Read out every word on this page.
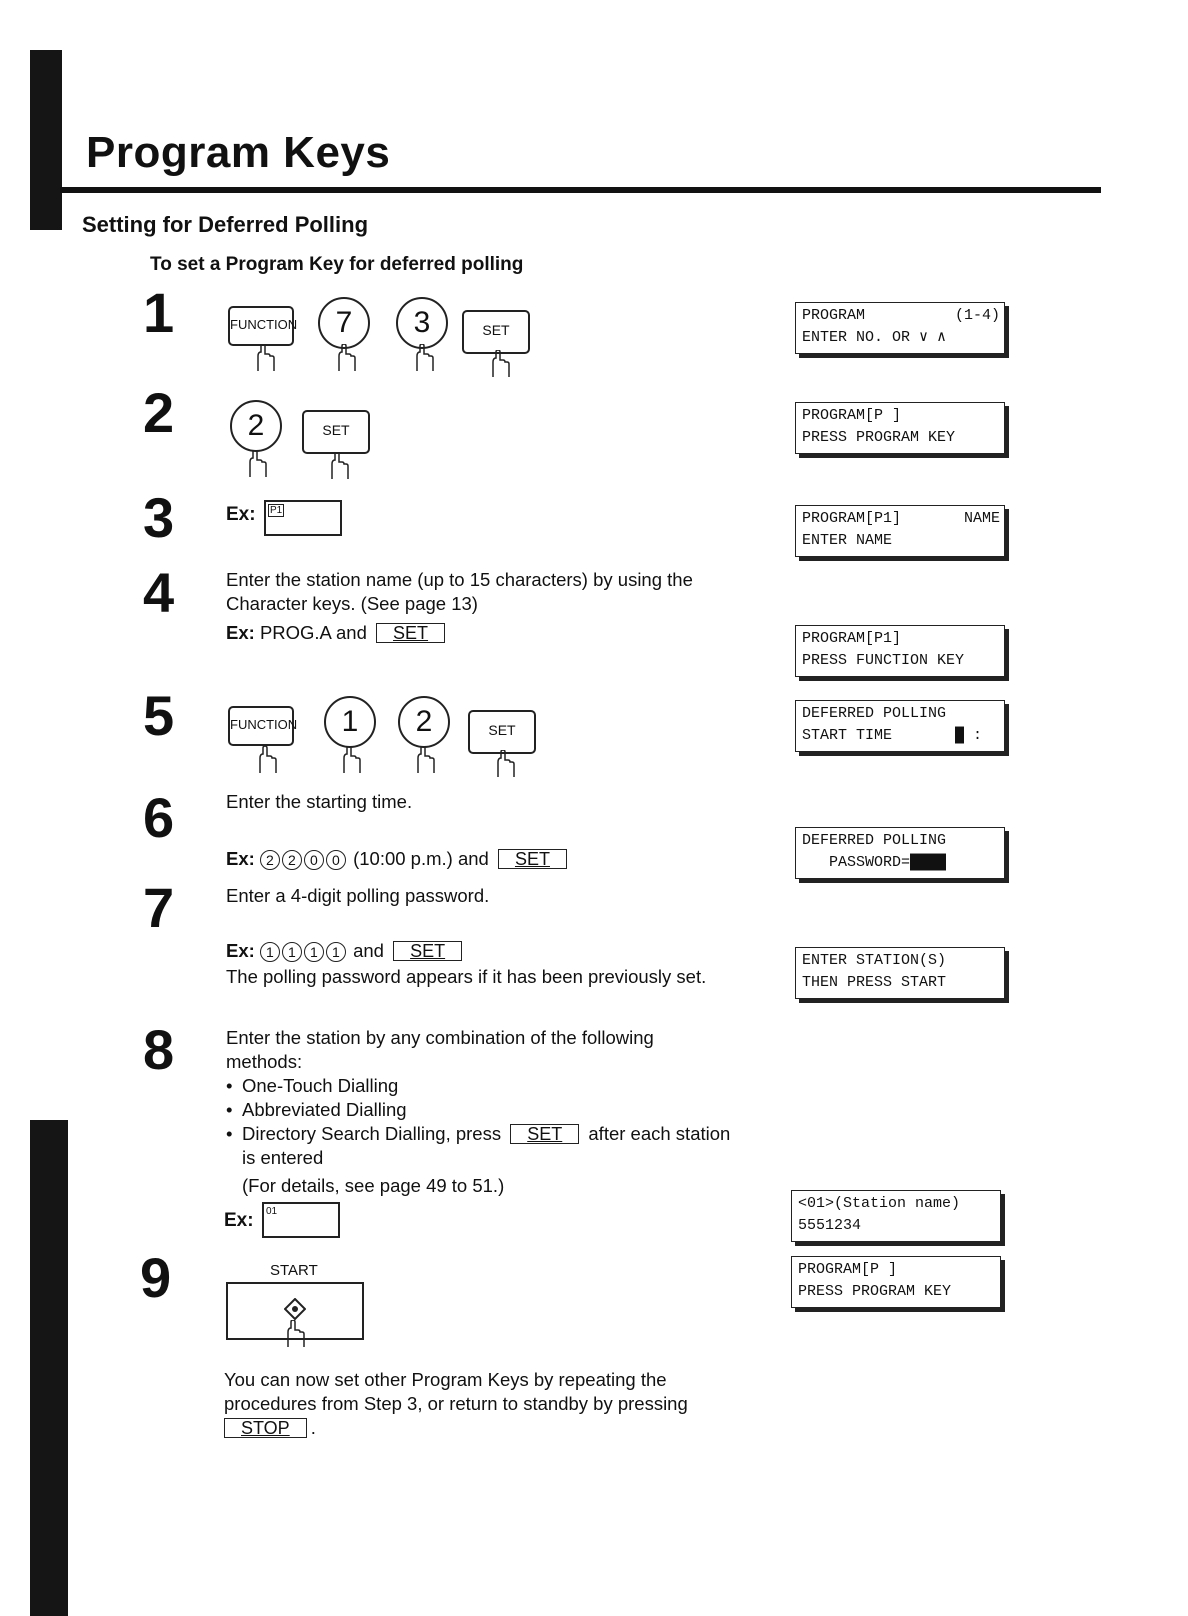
Program Keys
Setting for Deferred Polling
To set a Program Key for deferred polling
1	FUNCTION	7	3	SET
2	2	SET
3	Ex:	P1
4	Enter the station name (up to 15 characters) by using the Character keys. (See page 13)
Ex: PROG.A and SET
5	FUNCTION	1	2	SET
6	Enter the starting time.
Ex: 2 2 0 0 (10:00 p.m.) and SET
7	Enter a 4-digit polling password.
Ex: 1 1 1 1 and SET
The polling password appears if it has been previously set.
8	Enter the station by any combination of the following methods:
• One-Touch Dialling
• Abbreviated Dialling
• Directory Search Dialling, press SET after each station is entered
(For details, see page 49 to 51.)
Ex:	01
9	START
You can now set other Program Keys by repeating the procedures from Step 3, or return to standby by pressing STOP .
PROGRAM          (1-4)
ENTER NO. OR ∨ ∧
PROGRAM[P ]
PRESS PROGRAM KEY
PROGRAM[P1]       NAME
ENTER NAME
PROGRAM[P1]
PRESS FUNCTION KEY
DEFERRED POLLING
START TIME       █ :
DEFERRED POLLING
PASSWORD=████
ENTER STATION(S)
THEN PRESS START
<01>(Station name)
5551234
PROGRAM[P ]
PRESS PROGRAM KEY
